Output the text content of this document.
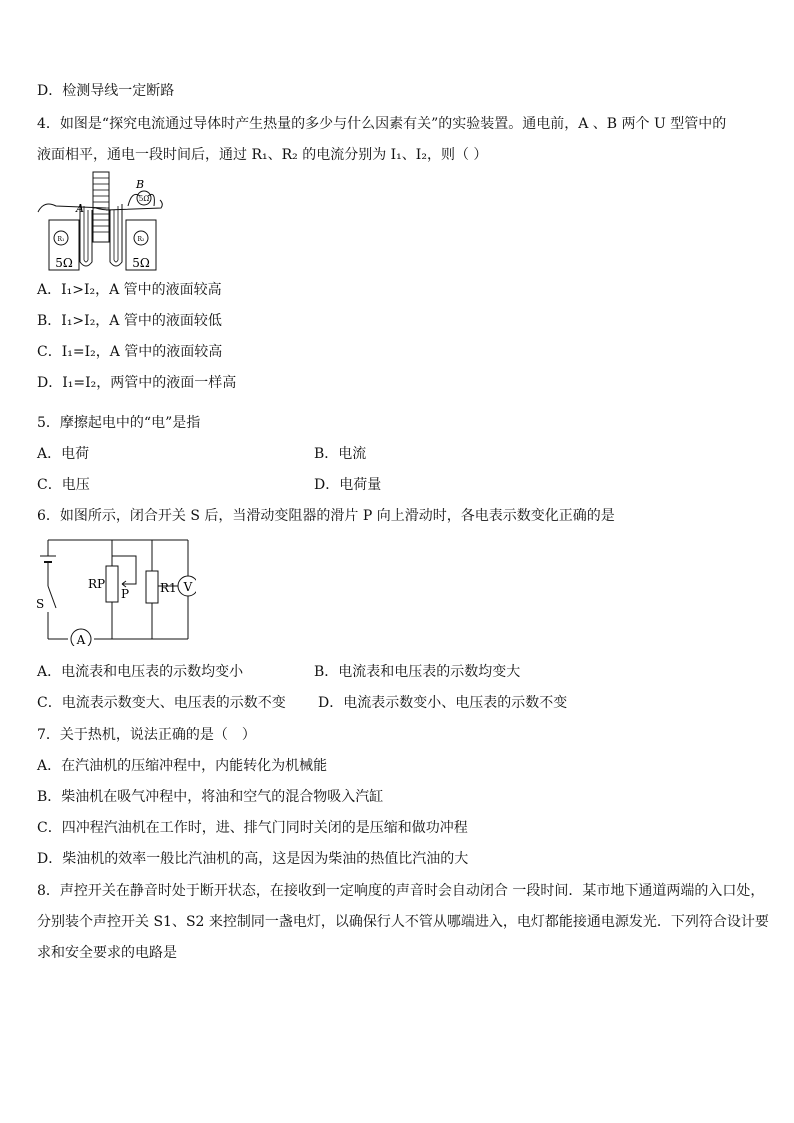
D．检测导线一定断路
4．如图是“探究电流通过导体时产生热量的多少与什么因素有关”的实验装置。通电前，A 、B 两个 U 型管中的
液面相平，通电一段时间后，通过 R₁、R₂ 的电流分别为 I₁、I₂，则（ ）
5Ω
B
A
R₁
5Ω
R₂
5Ω
A．I₁>I₂，A 管中的液面较高
B．I₁>I₂，A 管中的液面较低
C．I₁=I₂，A 管中的液面较高
D．I₁=I₂，两管中的液面一样高
5．摩擦起电中的“电”是指
A．电荷	B．电流
C．电压	D．电荷量
6．如图所示，闭合开关 S 后，当滑动变阻器的滑片 P 向上滑动时，各电表示数变化正确的是
V
A
RP
P	R1
S
A．电流表和电压表的示数均变小	B．电流表和电压表的示数均变大
C．电流表示数变大、电压表的示数不变 D．电流表示数变小、电压表的示数不变
7．关于热机，说法正确的是（　）
A．在汽油机的压缩冲程中，内能转化为机械能
B．柴油机在吸气冲程中，将油和空气的混合物吸入汽缸
C．四冲程汽油机在工作时，进、排气门同时关闭的是压缩和做功冲程
D．柴油机的效率一般比汽油机的高，这是因为柴油的热值比汽油的大
8．声控开关在静音时处于断开状态，在接收到一定响度的声音时会自动闭合 一段时间．某市地下通道两端的入口处，
分别装个声控开关 S1、S2 来控制同一盏电灯，以确保行人不管从哪端进入，电灯都能接通电源发光．下列符合设计要
求和安全要求的电路是
